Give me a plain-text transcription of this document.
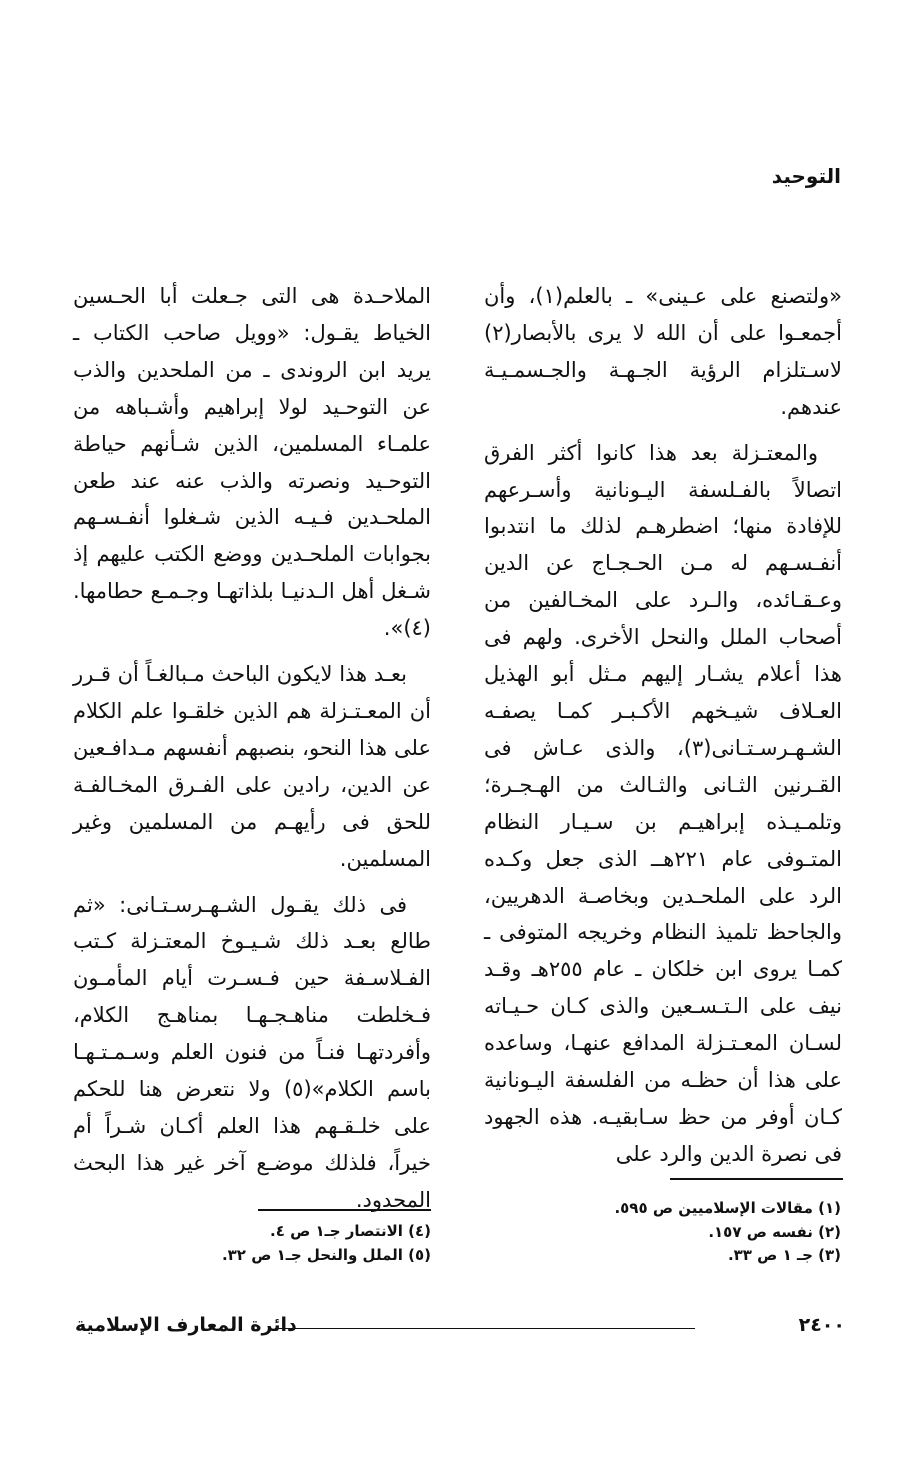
التوحيد

«ولتصنع على عـينى» ـ بالعلم(١)، وأن أجمعـوا على أن الله لا يرى بالأبصار(٢) لاسـتلزام الرؤية الجـهـة والجـسمـيـة عندهم.

والمعتـزلة بعد هذا كانوا أكثر الفرق اتصالاً بالفـلسفة اليـونانية وأسـرعهم للإفادة منها؛ اضطرهـم لذلك ما انتدبوا أنفـسـهم له مـن الحـجـاج عن الدين وعـقـائده، والـرد على المخـالفين من أصحاب الملل والنحل الأخرى. ولهم فى هذا أعلام يشـار إليهم مـثل أبو الهذيل العـلاف شيـخهم الأكـبـر كمـا يصفـه الشـهـرسـتـانى(٣)، والذى عـاش فى القـرنين الثـانى والثـالث من الهـجـرة؛ وتلمـيـذه إبراهيـم بن سـيـار النظام المتـوفى عام ٢٢١هــ الذى جعل وكـده الرد على الملحـدين وبخاصـة الدهريين، والجاحظ تلميذ النظام وخريجه المتوفى ـ كمـا يروى ابن خلكان ـ عام ٢٥٥هـ وقـد نيف على الـتـسـعين والذى كـان حـيـاته لسـان المعـتـزلة المدافع عنهـا، وساعده على هذا أن حظـه من الفلسفة اليـونانية كـان أوفر من حظ سـابقيـه. هذه الجهود فى نصرة الدين والرد على

الملاحـدة هى التى جـعلت أبا الحـسين الخياط يقـول: «وويل صاحب الكتاب ـ يريد ابن الروندى ـ من الملحدين والذب عن التوحـيد لولا إبراهيم وأشـباهه من علمـاء المسلمين، الذين شـأنهم حياطة التوحـيد ونصرته والذب عنه عند طعن الملحـدين فـيـه الذين شـغلوا أنفـسـهم بجوابات الملحـدين ووضع الكتب عليهم إذ شـغل أهل الـدنيـا بلذاتهـا وجـمـع حطامها.(٤)».

بعـد هذا لايكون الباحث مـبالغـاً أن قـرر أن المعـتـزلة هم الذين خلقـوا علم الكلام على هذا النحو، بنصبهم أنفسهم مـدافـعين عن الدين، رادين على الفـرق المخـالفـة للحق فى رأيهـم من المسلمين وغير المسلمين.

فى ذلك يقـول الشـهـرسـتـانى: «ثم طالع بعـد ذلك شـيـوخ المعتـزلة كـتب الفـلاسـفة حين فـسـرت أيام المأمـون فـخلطت مناهـجـهـا بمناهـج الكلام، وأفردتهـا فنـاً من فنون العلم وسـمـتـهـا باسم الكلام»(٥) ولا نتعرض هنا للحكم على خلـقـهم هذا العلم أكـان شـراً أم خيراً، فلذلك موضـع آخر غير هذا البحث المحدود.	(١) مقالات الإسلاميين ص ٥٩٥.
(٢) نفسه ص ١٥٧.
(٣) جـ ١ ص ٣٣.
(٤) الانتصار جـ١ ص ٤.
(٥) الملل والنحل جـ١ ص ٣٢.
٢٤٠٠
دائرة المعارف الإسلامية
